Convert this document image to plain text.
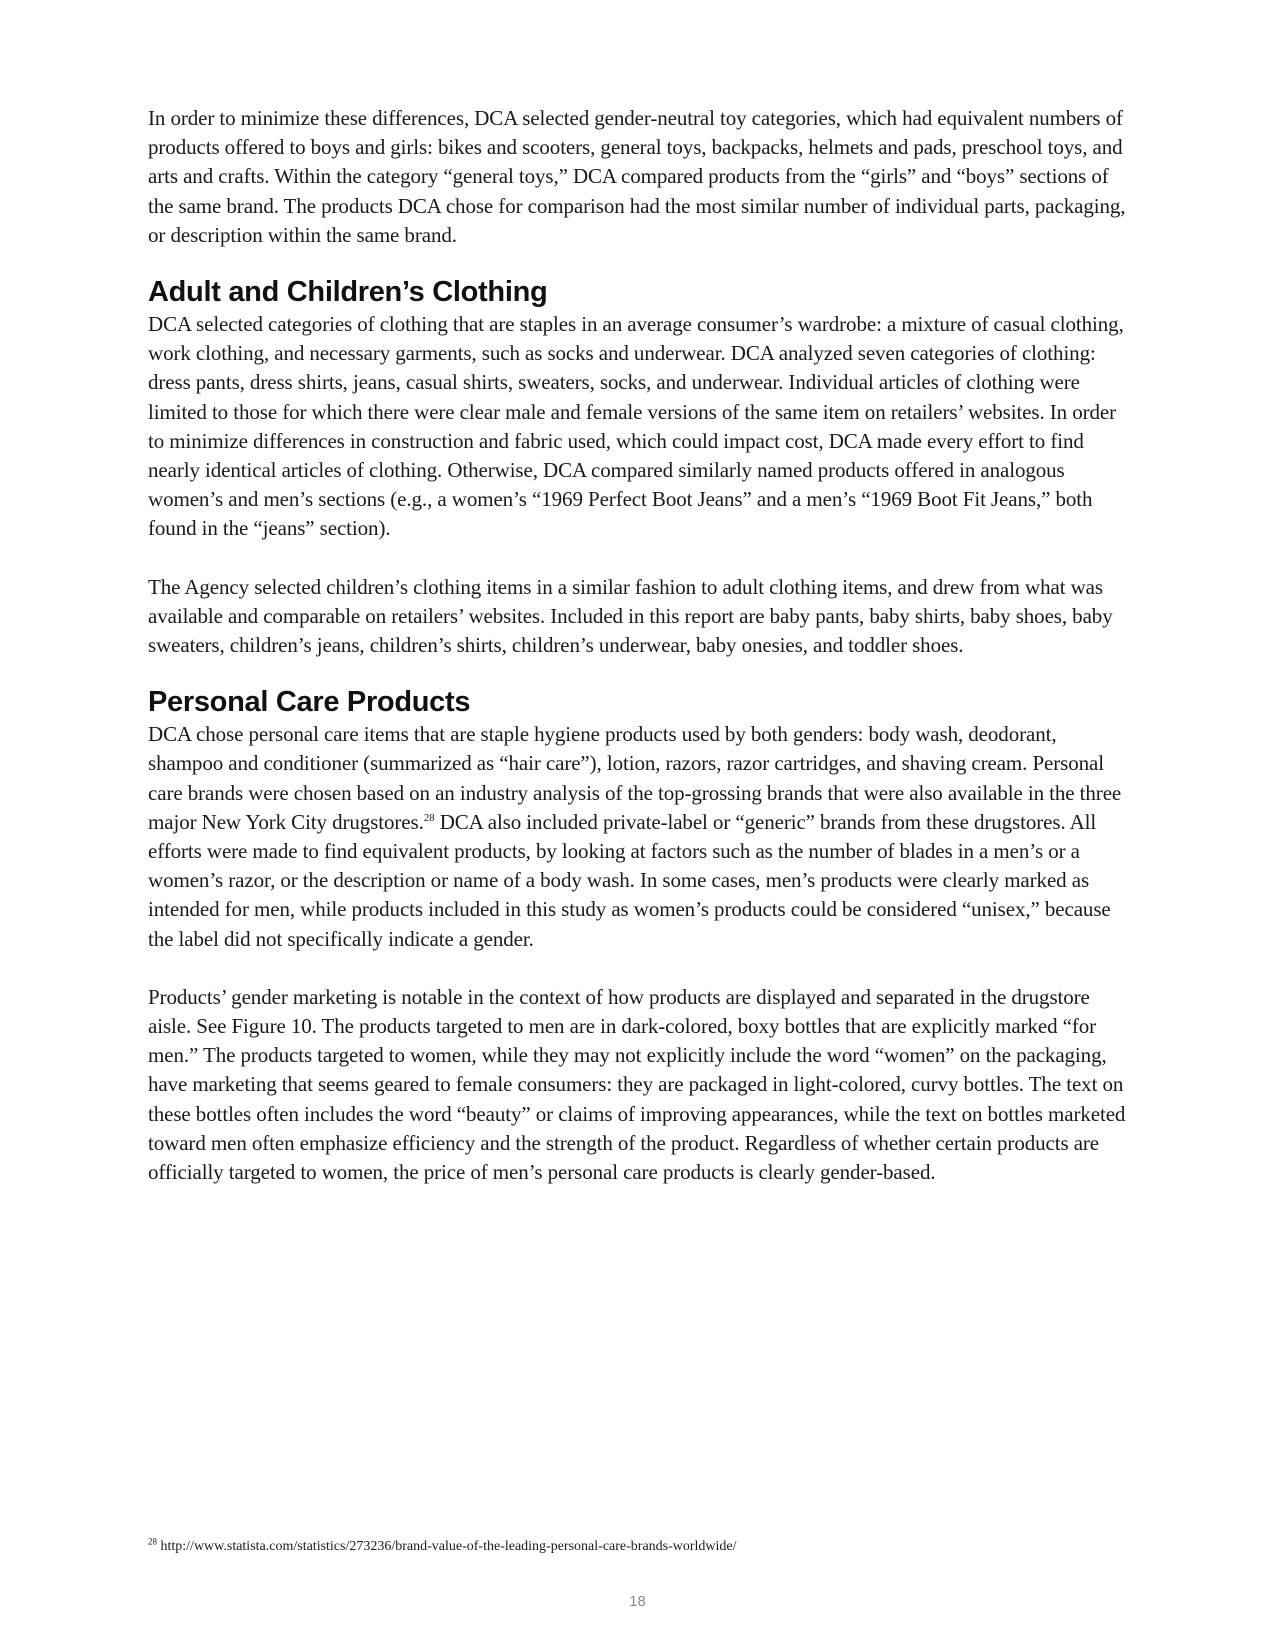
In order to minimize these differences, DCA selected gender-neutral toy categories, which had equivalent numbers of products offered to boys and girls: bikes and scooters, general toys, backpacks, helmets and pads, preschool toys, and arts and crafts. Within the category “general toys,” DCA compared products from the “girls” and “boys” sections of the same brand. The products DCA chose for comparison had the most similar number of individual parts, packaging, or description within the same brand.

Adult and Children’s Clothing

DCA selected categories of clothing that are staples in an average consumer’s wardrobe: a mixture of casual clothing, work clothing, and necessary garments, such as socks and underwear. DCA analyzed seven categories of clothing: dress pants, dress shirts, jeans, casual shirts, sweaters, socks, and underwear. Individual articles of clothing were limited to those for which there were clear male and female versions of the same item on retailers’ websites. In order to minimize differences in construction and fabric used, which could impact cost, DCA made every effort to find nearly identical articles of clothing. Otherwise, DCA compared similarly named products offered in analogous women’s and men’s sections (e.g., a women’s “1969 Perfect Boot Jeans” and a men’s “1969 Boot Fit Jeans,” both found in the “jeans” section).

The Agency selected children’s clothing items in a similar fashion to adult clothing items, and drew from what was available and comparable on retailers’ websites. Included in this report are baby pants, baby shirts, baby shoes, baby sweaters, children’s jeans, children’s shirts, children’s underwear, baby onesies, and toddler shoes.

Personal Care Products

DCA chose personal care items that are staple hygiene products used by both genders: body wash, deodorant, shampoo and conditioner (summarized as “hair care”), lotion, razors, razor cartridges, and shaving cream. Personal care brands were chosen based on an industry analysis of the top-grossing brands that were also available in the three major New York City drugstores.$^{28}$ DCA also included private-label or “generic” brands from these drugstores. All efforts were made to find equivalent products, by looking at factors such as the number of blades in a men’s or a women’s razor, or the description or name of a body wash. In some cases, men’s products were clearly marked as intended for men, while products included in this study as women’s products could be considered “unisex,” because the label did not specifically indicate a gender.

Products’ gender marketing is notable in the context of how products are displayed and separated in the drugstore aisle. See Figure 10. The products targeted to men are in dark-colored, boxy bottles that are explicitly marked “for men.” The products targeted to women, while they may not explicitly include the word “women” on the packaging, have marketing that seems geared to female consumers: they are packaged in light-colored, curvy bottles. The text on these bottles often includes the word “beauty” or claims of improving appearances, while the text on bottles marketed toward men often emphasize efficiency and the strength of the product. Regardless of whether certain products are officially targeted to women, the price of men’s personal care products is clearly gender-based.

$^{28}$ http://www.statista.com/statistics/273236/brand-value-of-the-leading-personal-care-brands-worldwide/
18
